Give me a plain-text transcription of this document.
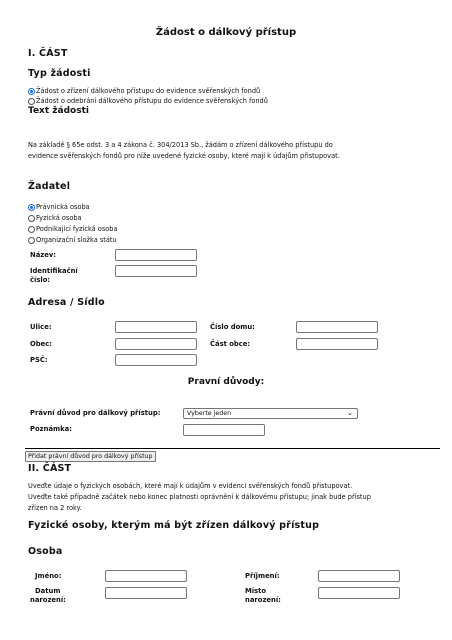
Žádost o dálkový přístup
I. ČÁST
Typ žádosti
Žádost o zřízení dálkového přístupu do evidence svěřenských fondů
Žádost o odebrání dálkového přístupu do evidence svěřenských fondů
Text žádosti
Na základě § 65e odst. 3 a 4 zákona č. 304/2013 Sb., žádám o zřízení dálkového přístupu do
evidence svěřenských fondů pro níže uvedené fyzické osoby, které mají k údajům přistupovat.
Žadatel
Právnická osoba
Fyzická osoba
Podnikající fyzická osoba
Organizační složka státu
Název:
Identifikační
číslo:
Adresa / Sídlo
Ulice:	Číslo domu:
Obec:	Část obce:
PSČ:
Pravní důvody:
Právní důvod pro dálkový přístup:	Vyberte jeden	⌄
Poznámka:
Přidat právní důvod pro dálkový přístup
II. ČÁST
Uveďte údaje o fyzických osobách, které mají k údajům v evidenci svěřenských fondů přistupovat.
Uveďte také případně začátek nebo konec platnosti oprávnění k dálkovému přístupu; jinak bude přístup
zřízen na 2 roky.
Fyzické osoby, kterým má být zřízen dálkový přístup
Osoba
Jméno:	Příjmení:
Datum
narození:
Místo
narození:
